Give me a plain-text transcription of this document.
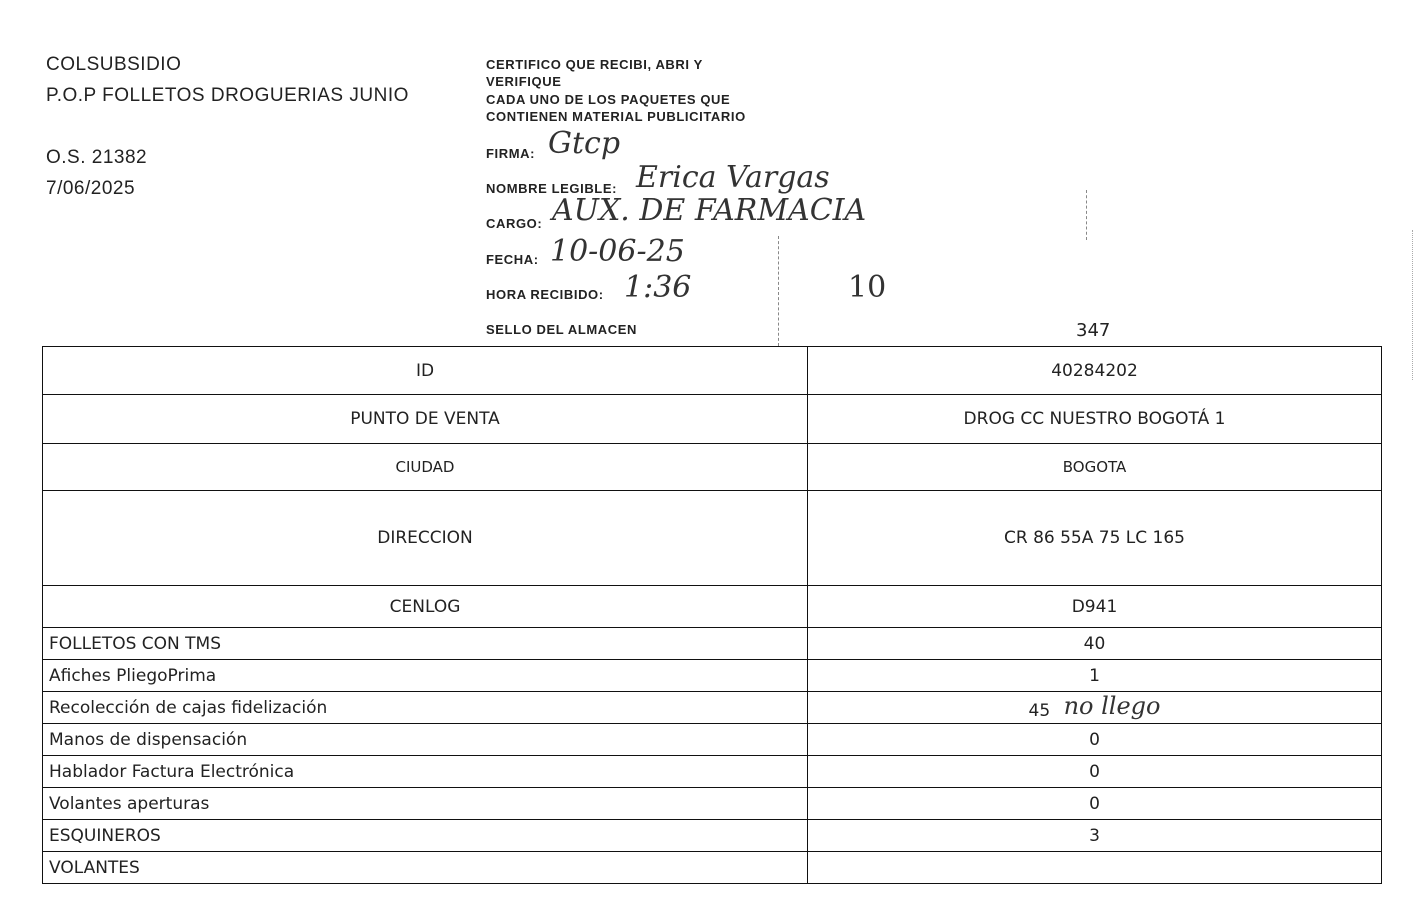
COLSUBSIDIO
P.O.P FOLLETOS DROGUERIAS JUNIO
O.S. 21382
7/06/2025
CERTIFICO QUE RECIBI, ABRI Y
VERIFIQUE
CADA UNO DE LOS PAQUETES QUE
CONTIENEN MATERIAL PUBLICITARIO
FIRMA: Gtcp
NOMBRE LEGIBLE: Erica Vargas
CARGO: AUX. DE FARMACIA
FECHA: 10-06-25
HORA RECIBIDO: 1:36
SELLO DEL ALMACEN
10
347
ID	40284202
PUNTO DE VENTA	DROG CC NUESTRO BOGOTÁ 1
CIUDAD	BOGOTA
DIRECCION	CR 86 55A 75 LC 165
CENLOG	D941
FOLLETOS CON TMS	40
Afiches PliegoPrima	1
Recolección de cajas fidelización	45 no llego
Manos de dispensación	0
Hablador Factura Electrónica	0
Volantes aperturas	0
ESQUINEROS	3
VOLANTES	
